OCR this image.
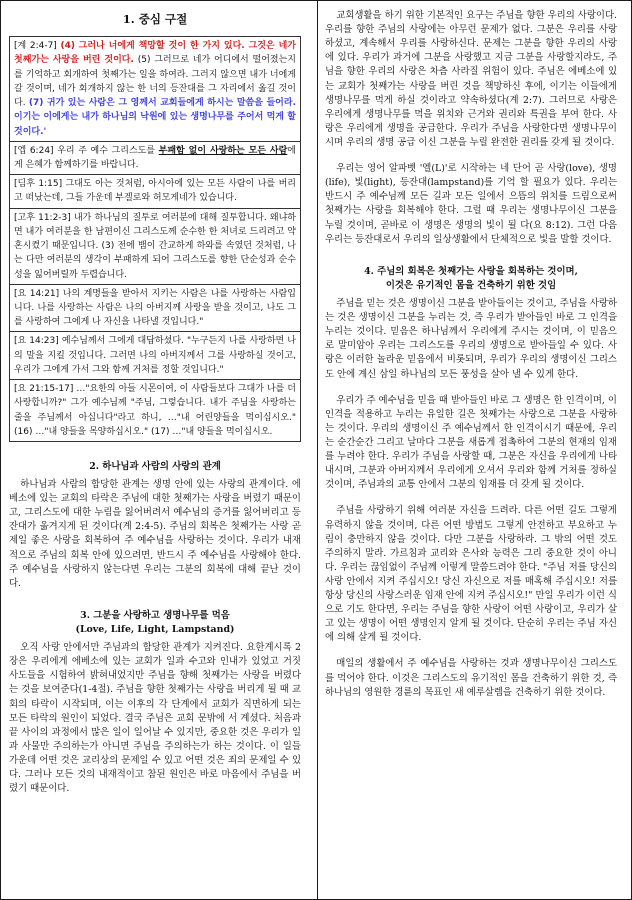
1. 중심 구절

[계 2:4-7] (4) 그러나 너에게 책망할 것이 한 가지 있다. 그것은 네가 첫째가는 사랑을 버린 것이다. (5) 그러므로 네가 어디에서 떨어졌는지를 기억하고 회개하여 첫째가는 일을 하여라. 그러지 않으면 내가 너에게 갈 것이며, 네가 회개하지 않는 한 너의 등잔대를 그 자리에서 옮길 것이다. (7) 귀가 있는 사람은 그 영께서 교회들에게 하시는 말씀을 들어라. 이기는 이에게는 내가 하나님의 낙원에 있는 생명나무를 주어서 먹게 할 것이다.'
[엡 6:24] 우리 주 예수 그리스도를 부패함 없이 사랑하는 모든 사람에게 은혜가 함께하기를 바랍니다.
[딤후 1:15] 그대도 아는 것처럼, 아시아에 있는 모든 사람이 나를 버리고 떠났는데, 그들 가운데 부겔로와 허모게네가 있습니다.
[고후 11:2-3] 내가 하나님의 질투로 여러분에 대해 질투합니다. 왜냐하면 내가 여러분을 한 남편이신 그리스도께 순수한 한 처녀로 드리려고 약혼시켰기 때문입니다. (3) 전에 뱀이 간교하게 하와를 속였던 것처럼, 나는 다만 여러분의 생각이 부패하게 되어 그리스도를 향한 단순성과 순수성을 잃어버릴까 두렵습니다.
[요 14:21] 나의 계명들을 받아서 지키는 사람은 나를 사랑하는 사람입니다. 나를 사랑하는 사람은 나의 아버지께 사랑을 받을 것이고, 나도 그를 사랑하여 그에게 나 자신을 나타낼 것입니다."
[요 14:23] 예수님께서 그에게 대답하셨다. "누구든지 나를 사랑하면 나의 말을 지킬 것입니다. 그러면 나의 아버지께서 그를 사랑하실 것이고, 우리가 그에게 가서 그와 함께 거처를 정할 것입니다."
[요 21:15-17] …"요한의 아들 시몬이여, 이 사람들보다 그대가 나를 더 사랑합니까?" 그가 예수님께 "주님, 그렇습니다. 내가 주님을 사랑하는 줄을 주님께서 아십니다"라고 하니, …"내 어린양들을 먹이십시오." (16) …"내 양들을 목양하십시오." (17) …"내 양들을 먹이십시오.

2. 하나님과 사람의 사랑의 관계

하나님과 사람의 합당한 관계는 생명 안에 있는 사랑의 관계이다. 에베소에 있는 교회의 타락은 주님에 대한 첫째가는 사랑을 버렸기 때문이고, 그리스도에 대한 누림을 잃어버려서 예수님의 증거를 잃어버리고 등잔대가 옮겨지게 된 것이다(계 2:4-5). 주님의 회복은 첫째가는 사랑 곧 제일 좋은 사랑을 회복하여 주 예수님을 사랑하는 것이다. 우리가 내재적으로 주님의 회복 안에 있으려면, 반드시 주 예수님을 사랑해야 한다. 주 예수님을 사랑하지 않는다면 우리는 그분의 회복에 대해 끝난 것이다.

3. 그분을 사랑하고 생명나무를 먹음

(Love, Life, Light, Lampstand)

오직 사랑 안에서만 주님과의 합당한 관계가 지켜진다. 요한계시록 2장은 우리에게 에베소에 있는 교회가 일과 수고와 인내가 있었고 거짓 사도들을 시험하여 밝혀내었지만 주님을 향해 첫째가는 사랑을 버렸다는 것을 보여준다(1-4절). 주님을 향한 첫째가는 사랑을 버리게 될 때 교회의 타락이 시작되며, 이는 이후의 각 단계에서 교회가 직면하게 되는 모든 타락의 원인이 되었다. 결국 주님은 교회 문밖에 서 계셨다. 처음과 끝 사이의 과정에서 많은 일이 일어날 수 있지만, 중요한 것은 우리가 일과 사물만 주의하는가 아니면 주님을 주의하는가 하는 것이다. 이 일들 가운데 어떤 것은 교리상의 문제일 수 있고 어떤 것은 죄의 문제일 수 있다. 그러나 모든 것의 내재적이고 참된 원인은 바로 마음에서 주님을 버렸기 때문이다.

교회생활을 하기 위한 기본적인 요구는 주님을 향한 우리의 사랑이다. 우리를 향한 주님의 사랑에는 아무런 문제가 없다. 그분은 우리를 사랑하셨고, 계속해서 우리를 사랑하신다. 문제는 그분을 향한 우리의 사랑에 있다. 우리가 과거에 그분을 사랑했고 지금 그분을 사랑할지라도, 주님을 향한 우리의 사랑은 차츰 사라질 위험이 있다. 주님은 에베소에 있는 교회가 첫째가는 사랑을 버린 것을 책망하신 후에, 이기는 이들에게 생명나무를 먹게 하실 것이라고 약속하셨다(계 2:7). 그러므로 사랑은 우리에게 생명나무를 먹을 위치와 근거와 권리와 특권을 부여 한다. 사랑은 우리에게 생명을 공급한다. 우리가 주님을 사랑한다면 생명나무이시며 우리의 생명 공급 이신 그분을 누릴 완전한 권리를 갖게 될 것이다.

우리는 영어 알파벳 '엘(L)'로 시작하는 네 단어 곧 사랑(love), 생명(life), 빛(light), 등잔대(lampstand)를 기억 할 필요가 있다. 우리는 반드시 주 예수님께 모든 길과 모든 일에서 으뜸의 위치를 드림으로써 첫째가는 사랑을 회복해야 한다. 그럴 때 우리는 생명나무이신 그분을 누릴 것이며, 곧바로 이 생명은 생명의 빛이 될 다(요 8:12). 그런 다음 우리는 등잔대로서 우리의 일상생활에서 단체적으로 빛을 발할 것이다.

4. 주님의 회복은 첫째가는 사랑을 회복하는 것이며,

이것은 유기적인 몸을 건축하기 위한 것임

주님을 믿는 것은 생명이신 그분을 받아들이는 것이고, 주님을 사랑하는 것은 생명이신 그분을 누리는 것, 즉 우리가 받아들인 바로 그 인격을 누리는 것이다. 믿음은 하나님께서 우리에게 주시는 것이며, 이 믿음으로 말미암아 우리는 그리스도를 우리의 생명으로 받아들일 수 있다. 사랑은 이러한 놀라운 믿음에서 비롯되며, 우리가 우리의 생명이신 그리스도 안에 계신 삼일 하나님의 모든 풍성을 살아 낼 수 있게 한다.

우리가 주 예수님을 믿을 때 받아들인 바로 그 생명은 한 인격이며, 이 인격을 적용하고 누리는 유일한 길은 첫째가는 사랑으로 그분을 사랑하는 것이다. 우리의 생명이신 주 예수님께서 한 인격이시기 때문에, 우리는 순간순간 그리고 날마다 그분을 새롭게 접촉하여 그분의 현재의 임재를 누려야 한다. 우리가 주님을 사랑할 때, 그분은 자신을 우리에게 나타내시며, 그분과 아버지께서 우리에게 오셔서 우리와 함께 거처를 정하실 것이며, 주님과의 교통 안에서 그분의 임재를 더 갖게 될 것이다.

주님을 사랑하기 위해 여러분 자신을 드려라. 다른 어떤 길도 그렇게 유력하지 않을 것이며, 다른 어떤 방법도 그렇게 안전하고 부요하고 누림이 충만하지 않을 것이다. 다만 그분을 사랑하라. 그 밖의 어떤 것도 주의하지 말라. 가르침과 교리와 은사와 능력은 그리 중요한 것이 아니다. 우리는 끊임없이 주님께 이렇게 말씀드려야 한다. "주님 저를 당신의 사랑 안에서 지켜 주십시오! 당신 자신으로 저를 매혹해 주십시오! 저를 항상 당신의 사랑스러운 임재 안에 지켜 주십시오!" 만일 우리가 이런 식으로 기도 한다면, 우리는 주님을 향한 사랑이 어떤 사랑이고, 우리가 살고 있는 생명이 어떤 생명인지 알게 될 것이다. 단순히 우리는 주님 자신에 의해 살게 될 것이다.

매일의 생활에서 주 예수님을 사랑하는 것과 생명나무이신 그리스도를 먹어야 한다. 이것은 그리스도의 유기적인 몸을 건축하기 위한 것, 즉 하나님의 영원한 경륜의 목표인 새 예루살렘을 건축하기 위한 것이다.
